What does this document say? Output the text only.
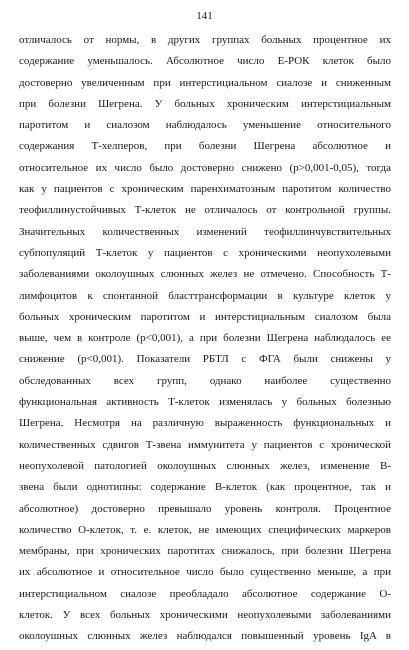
141
отличалось от нормы, в других группах больных процентное их
содержание уменьшалось. Абсолютное число Е-РОК клеток было
достоверно увеличенным при интерстициальном сиалозе и сниженным
при болезни Шегрена. У больных хроническим интерстициальным
паротитом и сиалозом наблюдалось уменьшение относительного
содержания Т-хелперов, при болезни Шегрена абсолютное и
относительное их число было достоверно снижено (p>0,001-0,05), тогда
как у пациентов с хроническим паренхиматозным паротитом количество
теофиллинустойчивых Т-клеток не отличалось от контрольной группы.
Значительных количественных изменений теофиллинчувствительных
субпопуляций Т-клеток у пациентов с хроническими неопухолевыми
заболеваниями околоушных слюнных желез не отмечено. Способность Т-
лимфоцитов к спонтанной бласттрансформации в культуре клеток у
больных хроническим паротитом и интерстициальным сиалозом была
выше, чем в контроле (p<0,001), а при болезни Шегрена наблюдалось ее
снижение (p<0,001). Показатели РБТЛ с ФГА были снижены у
обследованных всех групп, однако наиболее существенно
функциональная активность Т-клеток изменялась у больных болезнью
Шегрена. Несмотря на различную выраженность функциональных и
количественных сдвигов Т-звена иммунитета у пациентов с хронической
неопухолевой патологией околоушных слюнных желез, изменение В-
звена были однотипны: содержание В-клеток (как процентное, так и
абсолютное) достоверно превышало уровень контроля. Процентное
количество О-клеток, т. е. клеток, не имеющих специфических маркеров
мембраны, при хронических паротитах снижалось, при болезни Шегрена
их абсолютное и относительное число было существенно меньше, а при
интерстициальном сиалозе преобладало абсолютное содержание О-
клеток. У всех больных хроническими неопухолевыми заболеваниями
околоушных слюнных желез наблюдался повышенный уровень IgA в
